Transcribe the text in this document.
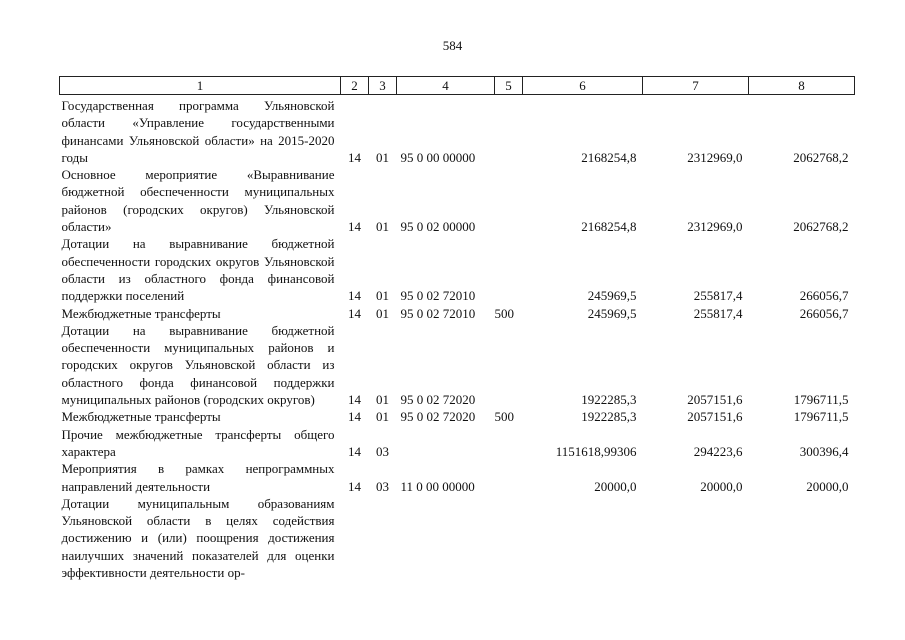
584
1	2	3	4	5	6	7	8
Государственная программа Ульяновской области «Управление государственными финансами Ульяновской области» на 2015-2020 годы	14	01	95 0 00 00000		2168254,8	2312969,0	2062768,2
Основное мероприятие «Выравнивание бюджетной обеспеченности муниципальных районов (городских округов) Ульяновской области»	14	01	95 0 02 00000		2168254,8	2312969,0	2062768,2
Дотации на выравнивание бюджетной обеспеченности городских округов Ульяновской области из областного фонда финансовой поддержки поселений	14	01	95 0 02 72010		245969,5	255817,4	266056,7
Межбюджетные трансферты	14	01	95 0 02 72010	500	245969,5	255817,4	266056,7
Дотации на выравнивание бюджетной обеспеченности муниципальных районов и городских округов Ульяновской области из областного фонда финансовой поддержки муниципальных районов (городских округов)	14	01	95 0 02 72020		1922285,3	2057151,6	1796711,5
Межбюджетные трансферты	14	01	95 0 02 72020	500	1922285,3	2057151,6	1796711,5
Прочие межбюджетные трансферты общего характера	14	03			1151618,99306	294223,6	300396,4
Мероприятия в рамках непрограммных направлений деятельности	14	03	11 0 00 00000		20000,0	20000,0	20000,0
Дотации муниципальным образованиям Ульяновской области в целях содействия достижению и (или) поощрения достижения наилучших значений показателей для оценки эффективности деятельности ор-							
